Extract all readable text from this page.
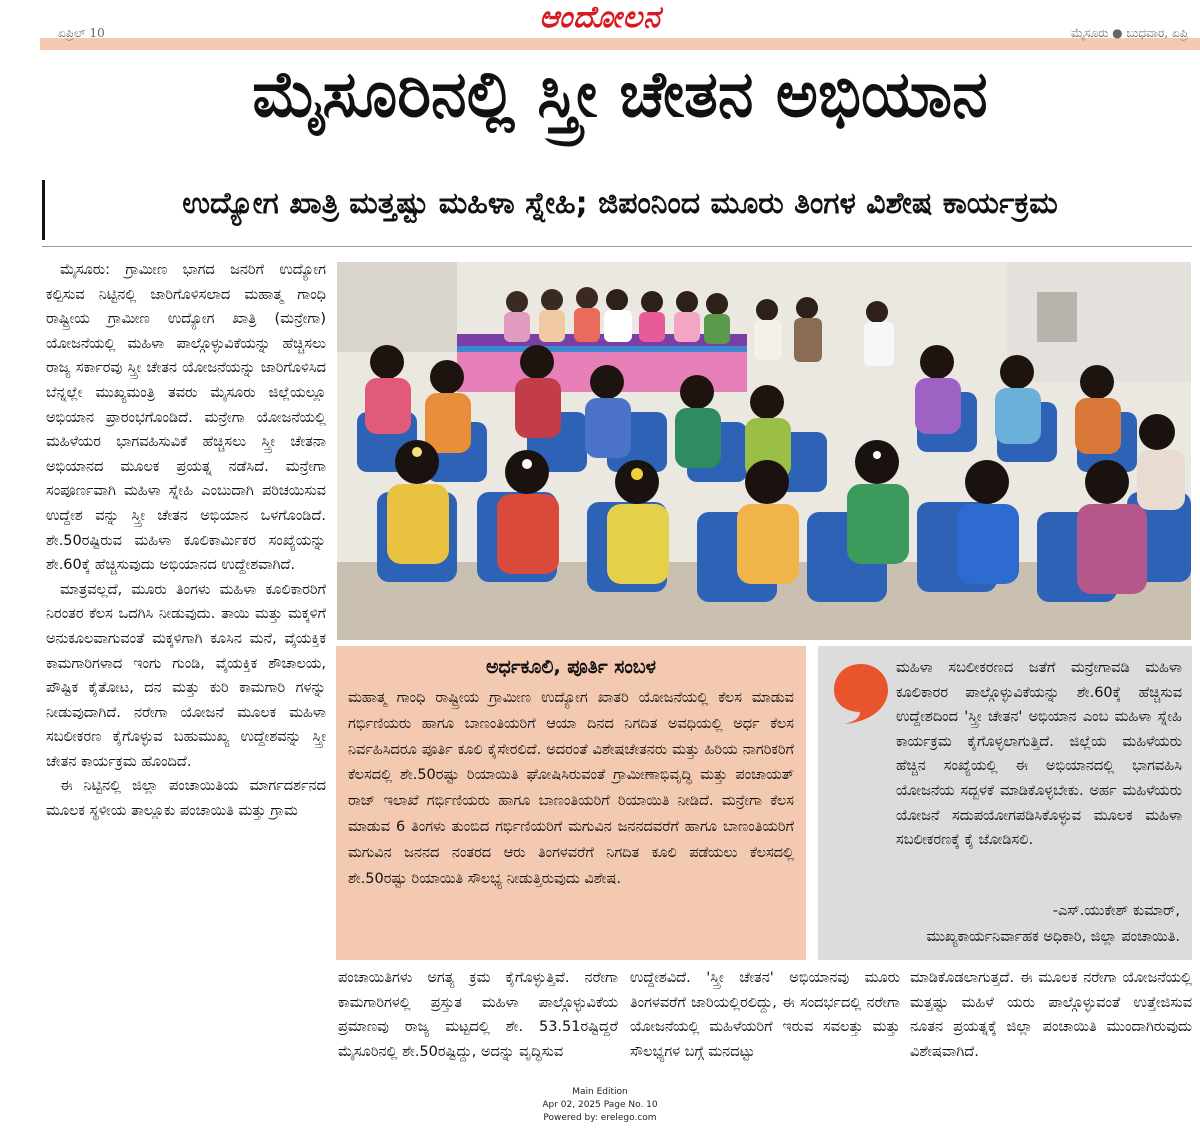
ಆಂದೋಲನ
ಏಪ್ರಿಲ್ 10	ಮೈಸೂರು ● ಬುಧವಾರ, ಏಪ್ರಿ
ಮೈಸೂರಿನಲ್ಲಿ ಸ್ತ್ರೀ ಚೇತನ ಅಭಿಯಾನ
ಉದ್ಯೋಗ ಖಾತ್ರಿ ಮತ್ತಷ್ಟು ಮಹಿಳಾ ಸ್ನೇಹಿ; ಜಿಪಂನಿಂದ ಮೂರು ತಿಂಗಳ ವಿಶೇಷ ಕಾರ್ಯಕ್ರಮ

ಮೈಸೂರು: ಗ್ರಾಮೀಣ ಭಾಗದ ಜನರಿಗೆ ಉದ್ಯೋಗ ಕಲ್ಪಿಸುವ ನಿಟ್ಟಿನಲ್ಲಿ ಜಾರಿಗೊಳಿಸಲಾದ ಮಹಾತ್ಮ ಗಾಂಧಿ ರಾಷ್ಟ್ರೀಯ ಗ್ರಾಮೀಣ ಉದ್ಯೋಗ ಖಾತ್ರಿ (ಮನ್ರೇಗಾ) ಯೋಜನೆಯಲ್ಲಿ ಮಹಿಳಾ ಪಾಲ್ಗೊಳ್ಳುವಿಕೆಯನ್ನು ಹೆಚ್ಚಿಸಲು ರಾಜ್ಯ ಸರ್ಕಾರವು ಸ್ತ್ರೀ ಚೇತನ ಯೋಜನೆಯನ್ನು ಜಾರಿಗೊಳಿಸಿದ ಬೆನ್ನಲ್ಲೇ ಮುಖ್ಯಮಂತ್ರಿ ತವರು ಮೈಸೂರು ಜಿಲ್ಲೆಯಲ್ಲೂ ಅಭಿಯಾನ ಪ್ರಾರಂಭಗೊಂಡಿದೆ. ಮನ್ರೇಗಾ ಯೋಜನೆಯಲ್ಲಿ ಮಹಿಳೆಯರ ಭಾಗವಹಿಸುವಿಕೆ ಹೆಚ್ಚಿಸಲು ಸ್ತ್ರೀ ಚೇತನಾ ಅಭಿಯಾನದ ಮೂಲಕ ಪ್ರಯತ್ನ ನಡೆಸಿದೆ. ಮನ್ರೇಗಾ ಸಂಪೂರ್ಣವಾಗಿ ಮಹಿಳಾ ಸ್ನೇಹಿ ಎಂಬುದಾಗಿ ಪರಿಚಯಿಸುವ ಉದ್ದೇಶ ವನ್ನು ಸ್ತ್ರೀ ಚೇತನ ಅಭಿಯಾನ ಒಳಗೊಂಡಿದೆ. ಶೇ.50ರಷ್ಟಿರುವ ಮಹಿಳಾ ಕೂಲಿಕಾರ್ಮಿಕರ ಸಂಖ್ಯೆಯನ್ನು ಶೇ.60ಕ್ಕೆ ಹೆಚ್ಚಿಸುವುದು ಅಭಿಯಾನದ ಉದ್ದೇಶವಾಗಿದೆ.

ಮಾತ್ರವಲ್ಲದೆ, ಮೂರು ತಿಂಗಳು ಮಹಿಳಾ ಕೂಲಿಕಾರರಿಗೆ ನಿರಂತರ ಕೆಲಸ ಒದಗಿಸಿ ನೀಡುವುದು. ತಾಯಿ ಮತ್ತು ಮಕ್ಕಳಿಗೆ ಅನುಕೂಲವಾಗುವಂತೆ ಮಕ್ಕಳಿಗಾಗಿ ಕೂಸಿನ ಮನೆ, ವೈಯಕ್ತಿಕ ಕಾಮಗಾರಿಗಳಾದ ಇಂಗು ಗುಂಡಿ, ವೈಯಕ್ತಿಕ ಶೌಚಾಲಯ, ಪೌಷ್ಟಿಕ ಕೈತೋಟ, ದನ ಮತ್ತು ಕುರಿ ಕಾಮಗಾರಿ ಗಳನ್ನು ನೀಡುವುದಾಗಿದೆ. ನರೇಗಾ ಯೋಜನೆ ಮೂಲಕ ಮಹಿಳಾ ಸಬಲೀಕರಣ ಕೈಗೊಳ್ಳುವ ಬಹುಮುಖ್ಯ ಉದ್ದೇಶವನ್ನು ಸ್ತ್ರೀ ಚೇತನ ಕಾರ್ಯಕ್ರಮ ಹೊಂದಿದೆ.

ಈ ನಿಟ್ಟಿನಲ್ಲಿ ಜಿಲ್ಲಾ ಪಂಚಾಯಿತಿಯ ಮಾರ್ಗದರ್ಶನದ ಮೂಲಕ ಸ್ಥಳೀಯ ತಾಲ್ಲೂಕು ಪಂಚಾಯಿತಿ ಮತ್ತು ಗ್ರಾಮ

ಅರ್ಧಕೂಲಿ, ಪೂರ್ತಿ ಸಂಬಳ
ಮಹಾತ್ಮ ಗಾಂಧಿ ರಾಷ್ಟ್ರೀಯ ಗ್ರಾಮೀಣ ಉದ್ಯೋಗ ಖಾತರಿ ಯೋಜನೆಯಲ್ಲಿ ಕೆಲಸ ಮಾಡುವ ಗರ್ಭಿಣಿಯರು ಹಾಗೂ ಬಾಣಂತಿಯರಿಗೆ ಆಯಾ ದಿನದ ನಿಗದಿತ ಅವಧಿಯಲ್ಲಿ ಅರ್ಧ ಕೆಲಸ ನಿರ್ವಹಿಸಿದರೂ ಪೂರ್ತಿ ಕೂಲಿ ಕೈಸೇರಲಿದೆ. ಅದರಂತೆ ವಿಶೇಷಚೇತನರು ಮತ್ತು ಹಿರಿಯ ನಾಗರಿಕರಿಗೆ ಕೆಲಸದಲ್ಲಿ ಶೇ.50ರಷ್ಟು ರಿಯಾಯಿತಿ ಘೋಷಿಸಿರುವಂತೆ ಗ್ರಾಮೀಣಾಭಿವೃದ್ಧಿ ಮತ್ತು ಪಂಚಾಯತ್ ರಾಜ್ ಇಲಾಖೆ ಗರ್ಭಿಣಿಯರು ಹಾಗೂ ಬಾಣಂತಿಯರಿಗೆ ರಿಯಾಯಿತಿ ನೀಡಿದೆ. ಮನ್ರೇಗಾ ಕೆಲಸ ಮಾಡುವ 6 ತಿಂಗಳು ತುಂಬಿದ ಗರ್ಭಿಣಿಯರಿಗೆ ಮಗುವಿನ ಜನನದವರೆಗೆ ಹಾಗೂ ಬಾಣಂತಿಯರಿಗೆ ಮಗುವಿನ ಜನನದ ನಂತರದ ಆರು ತಿಂಗಳವರೆಗೆ ನಿಗದಿತ ಕೂಲಿ ಪಡೆಯಲು ಕೆಲಸದಲ್ಲಿ ಶೇ.50ರಷ್ಟು ರಿಯಾಯಿತಿ ಸೌಲಭ್ಯ ನೀಡುತ್ತಿರುವುದು ವಿಶೇಷ.
ಮಹಿಳಾ ಸಬಲೀಕರಣದ ಜತೆಗೆ ಮನ್ರೇಗಾವಡಿ ಮಹಿಳಾ ಕೂಲಿಕಾರರ ಪಾಲ್ಗೊಳ್ಳುವಿಕೆಯನ್ನು ಶೇ.60ಕ್ಕೆ ಹೆಚ್ಚಿಸುವ ಉದ್ದೇಶದಿಂದ 'ಸ್ತ್ರೀ ಚೇತನ' ಅಭಿಯಾನ ಎಂಬ ಮಹಿಳಾ ಸ್ನೇಹಿ ಕಾರ್ಯಕ್ರಮ ಕೈಗೊಳ್ಳಲಾಗುತ್ತಿದೆ. ಜಿಲ್ಲೆಯ ಮಹಿಳೆಯರು ಹೆಚ್ಚಿನ ಸಂಖ್ಯೆಯಲ್ಲಿ ಈ ಅಭಿಯಾನದಲ್ಲಿ ಭಾಗವಹಿಸಿ ಯೋಜನೆಯ ಸದ್ಬಳಕೆ ಮಾಡಿಕೊಳ್ಳಬೇಕು. ಅರ್ಹ ಮಹಿಳೆಯರು ಯೋಜನೆ ಸದುಪಯೋಗಪಡಿಸಿಕೊಳ್ಳುವ ಮೂಲಕ ಮಹಿಳಾ ಸಬಲೀಕರಣಕ್ಕೆ ಕೈ ಜೋಡಿಸಲಿ.
-ಎಸ್.ಯುಕೇಶ್ ಕುಮಾರ್,
ಮುಖ್ಯಕಾರ್ಯನಿರ್ವಾಹಕ ಅಧಿಕಾರಿ, ಜಿಲ್ಲಾ ಪಂಚಾಯಿತಿ.
ಪಂಚಾಯಿತಿಗಳು ಅಗತ್ಯ ಕ್ರಮ ಕೈಗೊಳ್ಳುತ್ತಿವೆ. ನರೇಗಾ ಕಾಮಗಾರಿಗಳಲ್ಲಿ ಪ್ರಸ್ತುತ ಮಹಿಳಾ ಪಾಲ್ಗೊಳ್ಳುವಿಕೆಯ ಪ್ರಮಾಣವು ರಾಜ್ಯ ಮಟ್ಟದಲ್ಲಿ ಶೇ. 53.51ರಷ್ಟಿದ್ದರೆ ಮೈಸೂರಿನಲ್ಲಿ ಶೇ.50ರಷ್ಟಿದ್ದು, ಅದನ್ನು ವೃದ್ಧಿಸುವ
ಉದ್ದೇಶವಿದೆ. 'ಸ್ತ್ರೀ ಚೇತನ' ಅಭಿಯಾನವು ಮೂರು ತಿಂಗಳವರೆಗೆ ಜಾರಿಯಲ್ಲಿರಲಿದ್ದು, ಈ ಸಂದರ್ಭದಲ್ಲಿ ನರೇಗಾ ಯೋಜನೆಯಲ್ಲಿ ಮಹಿಳೆಯರಿಗೆ ಇರುವ ಸವಲತ್ತು ಮತ್ತು ಸೌಲಭ್ಯಗಳ ಬಗ್ಗೆ ಮನದಟ್ಟು
ಮಾಡಿಕೊಡಲಾಗುತ್ತದೆ. ಈ ಮೂಲಕ ನರೇಗಾ ಯೋಜನೆಯಲ್ಲಿ ಮತ್ತಷ್ಟು ಮಹಿಳೆ ಯರು ಪಾಲ್ಗೊಳ್ಳುವಂತೆ ಉತ್ತೇಜಿಸುವ ನೂತನ ಪ್ರಯತ್ನಕ್ಕೆ ಜಿಲ್ಲಾ ಪಂಚಾಯಿತಿ ಮುಂದಾಗಿರುವುದು ವಿಶೇಷವಾಗಿದೆ.
Main Edition
Apr 02, 2025 Page No. 10
Powered by: erelego.com
